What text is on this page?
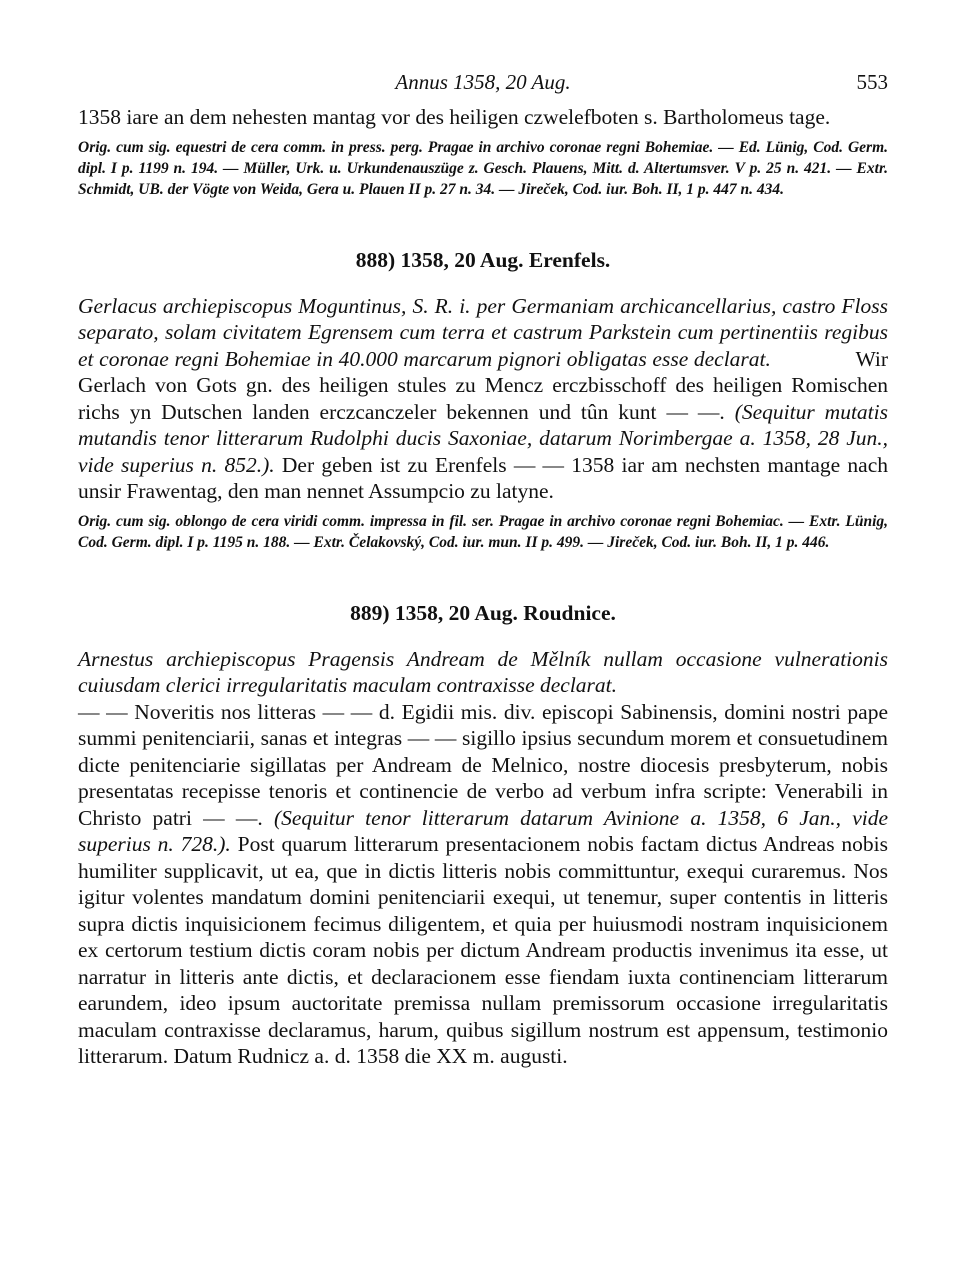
Annus 1358, 20 Aug.	553

1358 iare an dem nehesten mantag vor des heiligen czwelefboten s. Bartholomeus tage.

Orig. cum sig. equestri de cera comm. in press. perg. Pragae in archivo coronae regni Bohemiae. — Ed. Lünig, Cod. Germ. dipl. I p. 1199 n. 194. — Müller, Urk. u. Urkundenauszüge z. Gesch. Plauens, Mitt. d. Altertumsver. V p. 25 n. 421. — Extr. Schmidt, UB. der Vögte von Weida, Gera u. Plauen II p. 27 n. 34. — Jireček, Cod. iur. Boh. II, 1 p. 447 n. 434.

888) 1358, 20 Aug. Erenfels.

Gerlacus archiepiscopus Moguntinus, S. R. i. per Germaniam archicancellarius, castro Floss separato, solam civitatem Egrensem cum terra et castrum Parkstein cum pertinentiis regibus et coronae regni Bohemiae in 40.000 marcarum pignori obligatas esse declarat.	Wir Gerlach von Gots gn. des heiligen stules zu Mencz erczbisschoff des heiligen Romischen richs yn Dutschen landen erczcanczeler bekennen und tûn kunt — —. (Sequitur mutatis mutandis tenor litterarum Rudolphi ducis Saxoniae, datarum Norimbergae a. 1358, 28 Jun., vide superius n. 852.). Der geben ist zu Erenfels — — 1358 iar am nechsten mantage nach unsir Frawentag, den man nennet Assumpcio zu latyne.

Orig. cum sig. oblongo de cera viridi comm. impressa in fil. ser. Pragae in archivo coronae regni Bohemiac. — Extr. Lünig, Cod. Germ. dipl. I p. 1195 n. 188. — Extr. Čelakovský, Cod. iur. mun. II p. 499. — Jireček, Cod. iur. Boh. II, 1 p. 446.

889) 1358, 20 Aug. Roudnice.

Arnestus archiepiscopus Pragensis Andream de Mělník nullam occasione vulnerationis cuiusdam clerici irregularitatis maculam contraxisse declarat.

— — Noveritis nos litteras — — d. Egidii mis. div. episcopi Sabinensis, domini nostri pape summi penitenciarii, sanas et integras — — sigillo ipsius secundum morem et consuetudinem dicte penitenciarie sigillatas per Andream de Melnico, nostre diocesis presbyterum, nobis presentatas recepisse tenoris et continencie de verbo ad verbum infra scripte: Venerabili in Christo patri — —. (Sequitur tenor litterarum datarum Avinione a. 1358, 6 Jan., vide superius n. 728.). Post quarum litterarum presentacionem nobis factam dictus Andreas nobis humiliter supplicavit, ut ea, que in dictis litteris nobis committuntur, exequi curaremus. Nos igitur volentes mandatum domini penitenciarii exequi, ut tenemur, super contentis in litteris supra dictis inquisicionem fecimus diligentem, et quia per huiusmodi nostram inquisicionem ex certorum testium dictis coram nobis per dictum Andream productis invenimus ita esse, ut narratur in litteris ante dictis, et declaracionem esse fiendam iuxta continenciam litterarum earundem, ideo ipsum auctoritate premissa nullam premissorum occasione irregularitatis maculam contraxisse declaramus, harum, quibus sigillum nostrum est appensum, testimonio litterarum. Datum Rudnicz a. d. 1358 die XX m. augusti.
